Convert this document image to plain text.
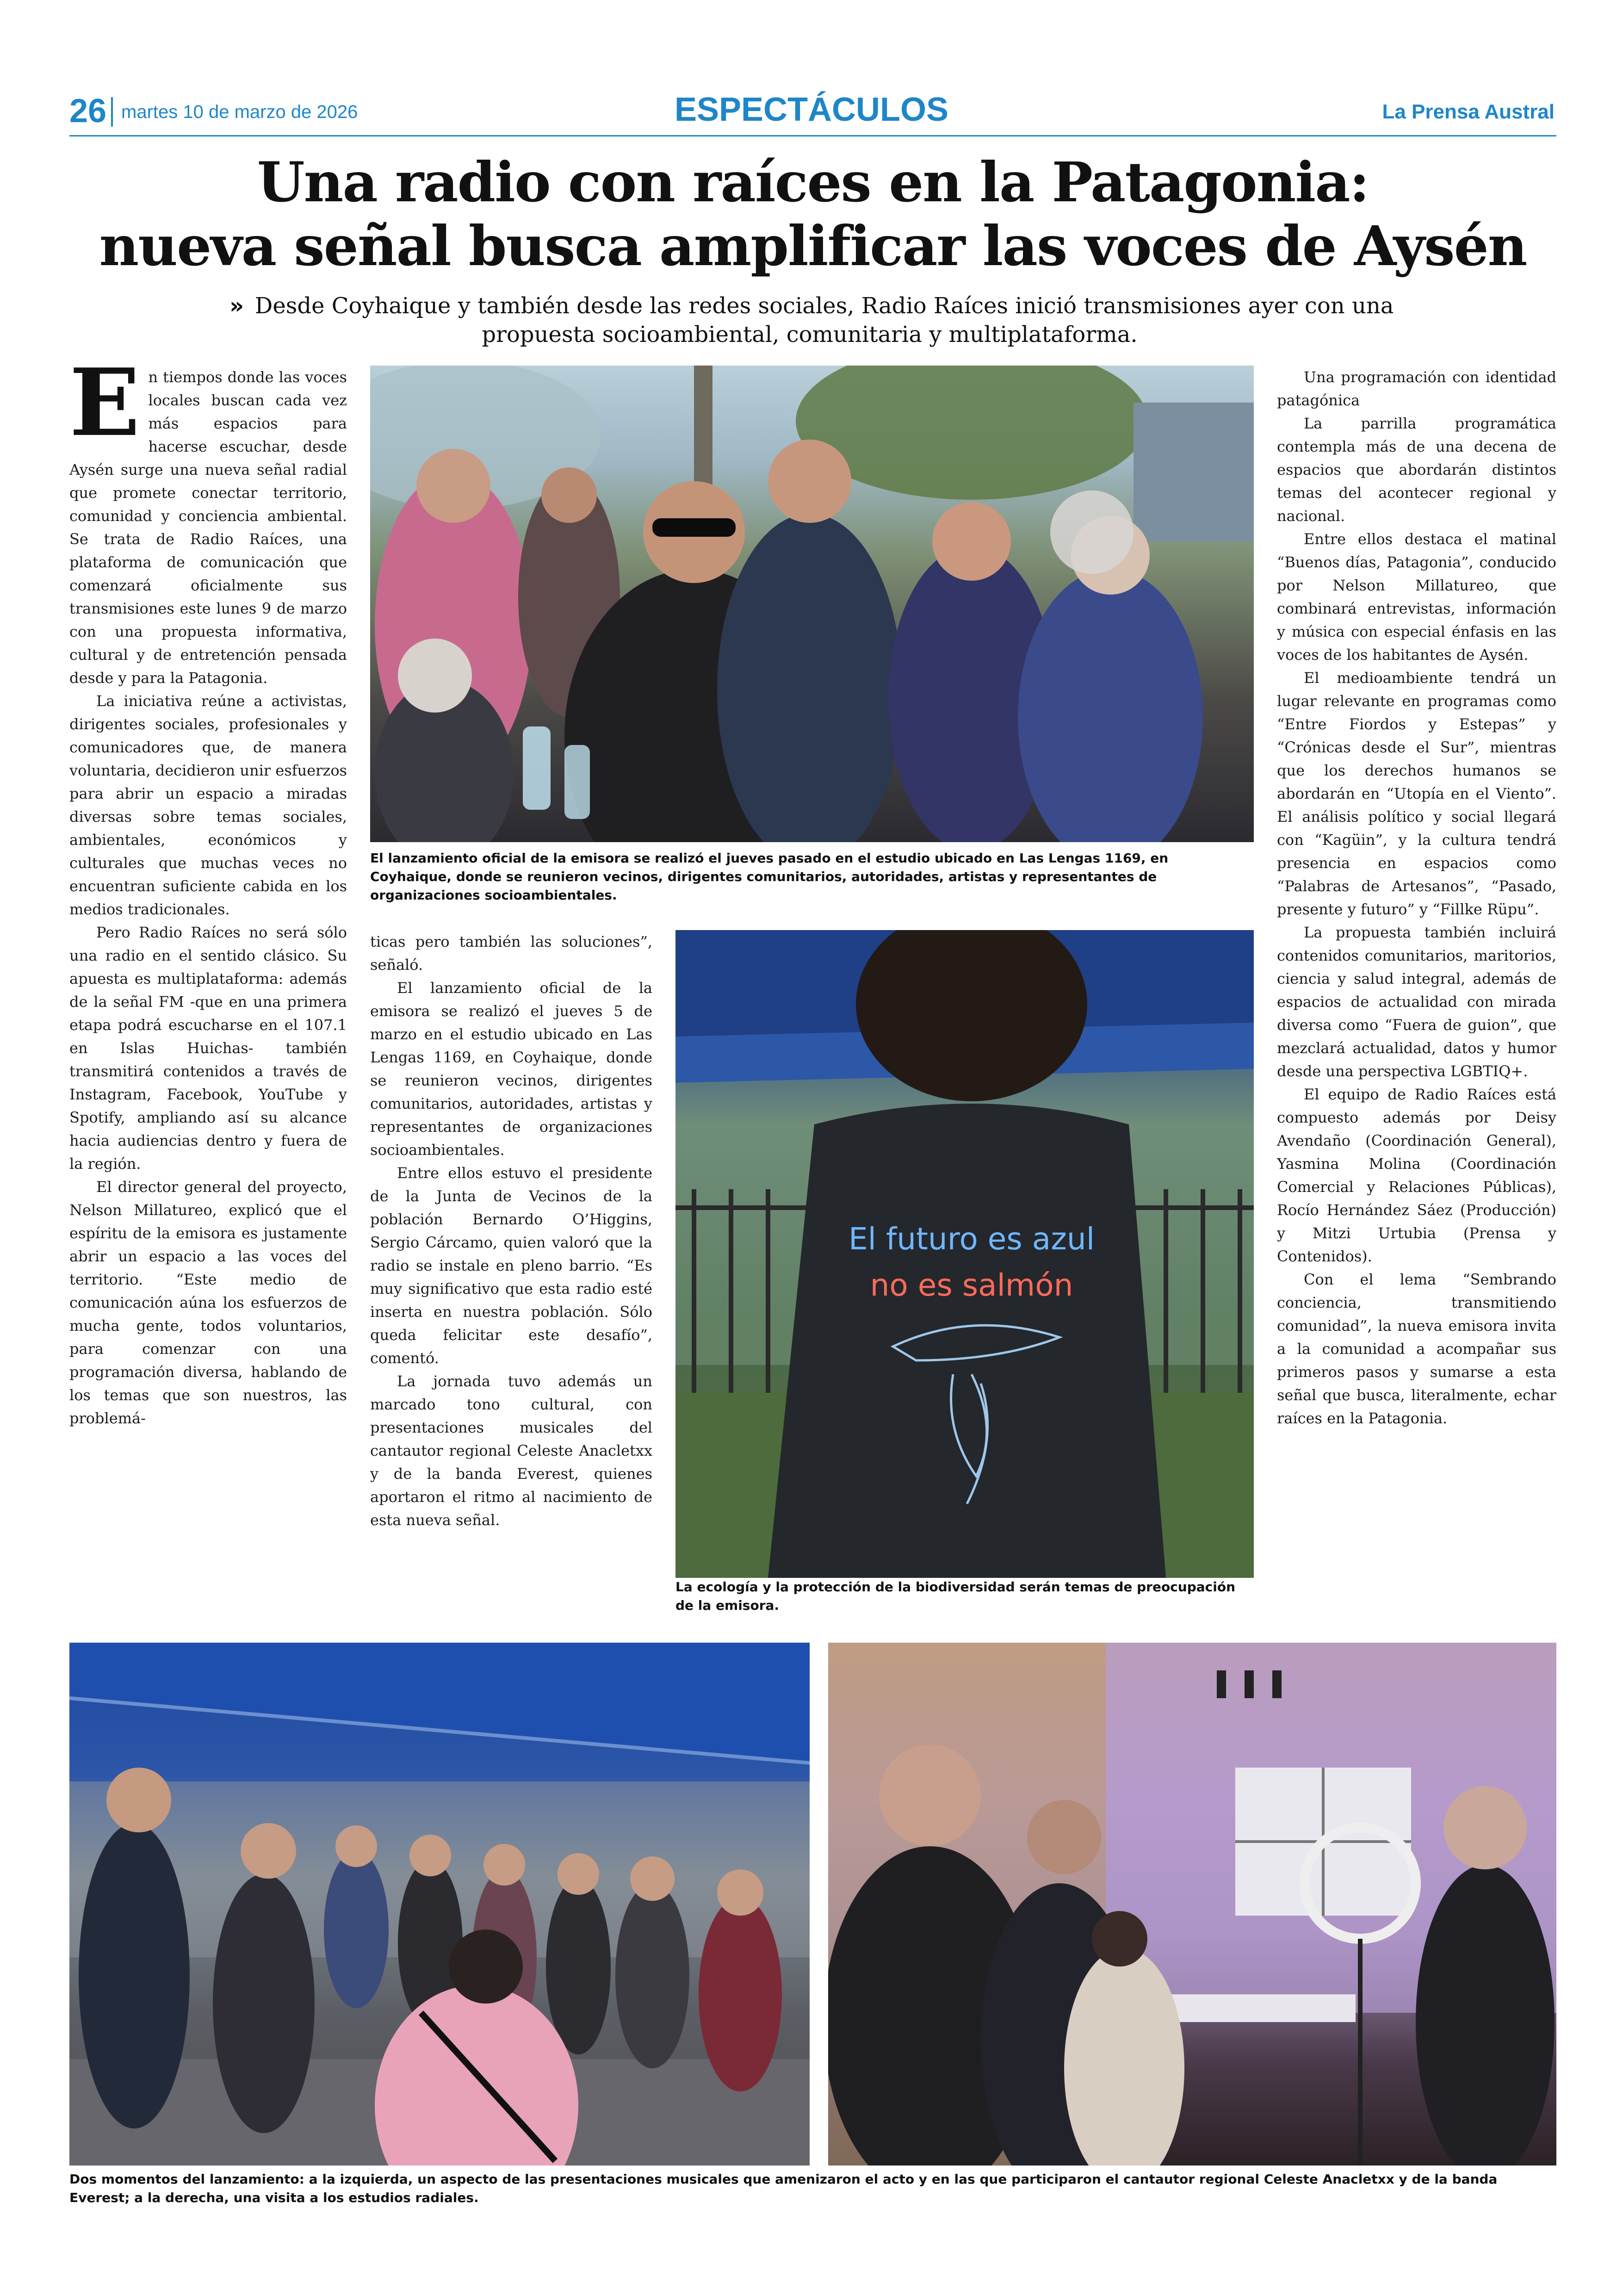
26 martes 10 de marzo de 2026	ESPECTÁCULOS	La Prensa Austral
Una radio con raíces en la Patagonia:
nueva señal busca amplificar las voces de Aysén
» Desde Coyhaique y también desde las redes sociales, Radio Raíces inició transmisiones ayer con una propuesta socioambiental, comunitaria y multiplataforma.

En tiempos donde las voces locales buscan cada vez más espacios para hacerse escuchar, desde Aysén surge una nueva señal radial que promete conectar territorio, comunidad y conciencia ambiental. Se trata de Radio Raíces, una plataforma de comunicación que comenzará oficialmente sus transmisiones este lunes 9 de marzo con una propuesta informativa, cultural y de entretención pensada desde y para la Patagonia.

La iniciativa reúne a activistas, dirigentes sociales, profesionales y comunicadores que, de manera voluntaria, decidieron unir esfuerzos para abrir un espacio a miradas diversas sobre temas sociales, ambientales, económicos y culturales que muchas veces no encuentran suficiente cabida en los medios tradicionales.

Pero Radio Raíces no será sólo una radio en el sentido clásico. Su apuesta es multiplataforma: además de la señal FM -que en una primera etapa podrá escucharse en el 107.1 en Islas Huichas- también transmitirá contenidos a través de Instagram, Facebook, YouTube y Spotify, ampliando así su alcance hacia audiencias dentro y fuera de la región.

El director general del proyecto, Nelson Millatureo, explicó que el espíritu de la emisora es justamente abrir un espacio a las voces del territorio. “Este medio de comunicación aúna los esfuerzos de mucha gente, todos voluntarios, para comenzar con una programación diversa, hablando de los temas que son nuestros, las problemá-

El lanzamiento oficial de la emisora se realizó el jueves pasado en el estudio ubicado en Las Lengas 1169, en Coyhaique, donde se reunieron vecinos, dirigentes comunitarios, autoridades, artistas y representantes de organizaciones socioambientales.

ticas pero también las soluciones”, señaló.

El lanzamiento oficial de la emisora se realizó el jueves 5 de marzo en el estudio ubicado en Las Lengas 1169, en Coyhaique, donde se reunieron vecinos, dirigentes comunitarios, autoridades, artistas y representantes de organizaciones socioambientales.

Entre ellos estuvo el presidente de la Junta de Vecinos de la población Bernardo O’Higgins, Sergio Cárcamo, quien valoró que la radio se instale en pleno barrio. “Es muy significativo que esta radio esté inserta en nuestra población. Sólo queda felicitar este desafío”, comentó.

La jornada tuvo además un marcado tono cultural, con presentaciones musicales del cantautor regional Celeste Anacletxx y de la banda Everest, quienes aportaron el ritmo al nacimiento de esta nueva señal.

El futuro es azul
no es salmón
La ecología y la protección de la biodiversidad serán temas de preocupación de la emisora.

Una programación con identidad patagónica

La parrilla programática contempla más de una decena de espacios que abordarán distintos temas del acontecer regional y nacional.

Entre ellos destaca el matinal “Buenos días, Patagonia”, conducido por Nelson Millatureo, que combinará entrevistas, información y música con especial énfasis en las voces de los habitantes de Aysén.

El medioambiente tendrá un lugar relevante en programas como “Entre Fiordos y Estepas” y “Crónicas desde el Sur”, mientras que los derechos humanos se abordarán en “Utopía en el Viento”. El análisis político y social llegará con “Kagüin”, y la cultura tendrá presencia en espacios como “Palabras de Artesanos”, “Pasado, presente y futuro” y “Fillke Rüpu”.

La propuesta también incluirá contenidos comunitarios, maritorios, ciencia y salud integral, además de espacios de actualidad con mirada diversa como “Fuera de guion”, que mezclará actualidad, datos y humor desde una perspectiva LGBTIQ+.

El equipo de Radio Raíces está compuesto además por Deisy Avendaño (Coordinación General), Yasmina Molina (Coordinación Comercial y Relaciones Públicas), Rocío Hernández Sáez (Producción) y Mitzi Urtubia (Prensa y Contenidos).

Con el lema “Sembrando conciencia, transmitiendo comunidad”, la nueva emisora invita a la comunidad a acompañar sus primeros pasos y sumarse a esta señal que busca, literalmente, echar raíces en la Patagonia.

Dos momentos del lanzamiento: a la izquierda, un aspecto de las presentaciones musicales que amenizaron el acto y en las que participaron el cantautor regional Celeste Anacletxx y de la banda Everest; a la derecha, una visita a los estudios radiales.
